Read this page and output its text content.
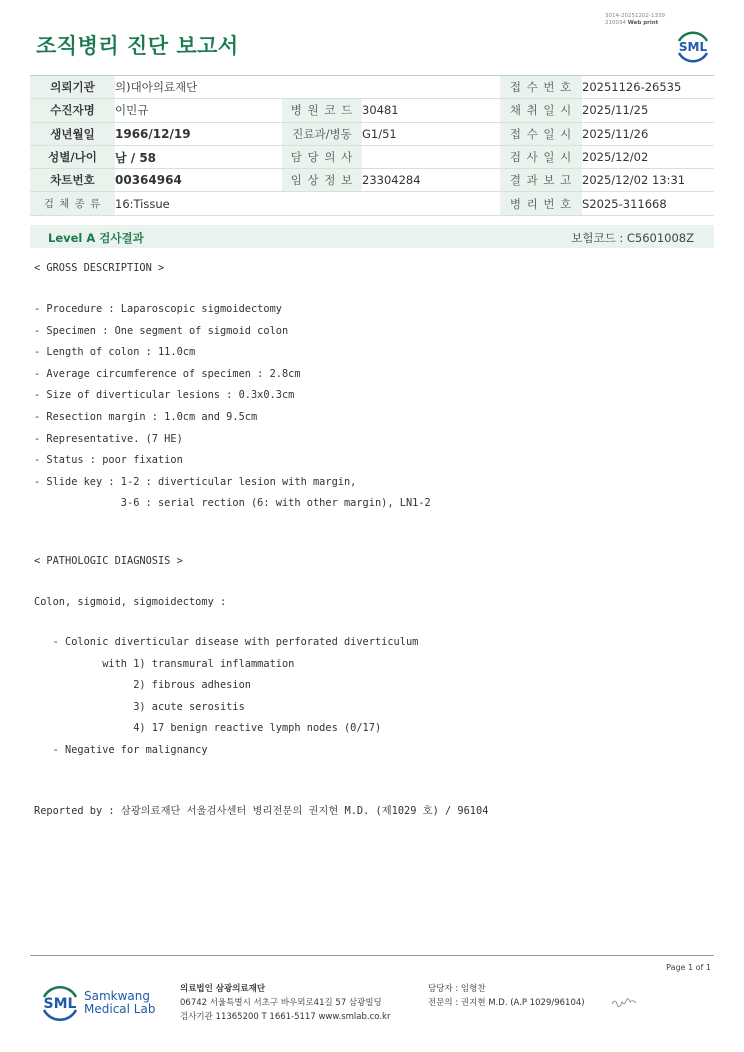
조직병리 진단 보고서
3014-20251202-1339
210034 Web print
SML
의뢰기관	의)대아의료재단			접 수 번 호	20251126-26535
수진자명	이민규	병 원 코 드	30481	채 취 일 시	2025/11/25
생년월일	1966/12/19	진료과/병동	G1/51	접 수 일 시	2025/11/26
성별/나이	남 / 58	담 당 의 사		검 사 일 시	2025/12/02
차트번호	00364964	임 상 정 보	23304284	결 과 보 고	2025/12/02 13:31
검 체 종 류	16:Tissue			병 리 번 호	S2025-311668
Level A 검사결과	보험코드 : C5601008Z
< GROSS DESCRIPTION >
- Procedure : Laparoscopic sigmoidectomy
- Specimen : One segment of sigmoid colon
- Length of colon : 11.0cm
- Average circumference of specimen : 2.8cm
- Size of diverticular lesions : 0.3x0.3cm
- Resection margin : 1.0cm and 9.5cm
- Representative. (7 HE)
- Status : poor fixation
- Slide key : 1-2 : diverticular lesion with margin,
3-6 : serial rection (6: with other margin), LN1-2
< PATHOLOGIC DIAGNOSIS >
Colon, sigmoid, sigmoidectomy :
- Colonic diverticular disease with perforated diverticulum
with 1) transmural inflammation
2) fibrous adhesion
3) acute serositis
4) 17 benign reactive lymph nodes (0/17)
- Negative for malignancy
Reported by : 삼광의료재단 서울검사센터 병리전문의 권지현 M.D. (제1029 호) / 96104
Page 1 of 1
SML Samkwang
Medical Lab
의료법인 삼광의료재단
06742 서울특별시 서초구 바우뫼로41길 57 삼광빌딩
검사기관 11365200 T 1661-5117 www.smlab.co.kr
담당자 : 임형찬
전문의 : 권지현 M.D. (A.P 1029/96104)
